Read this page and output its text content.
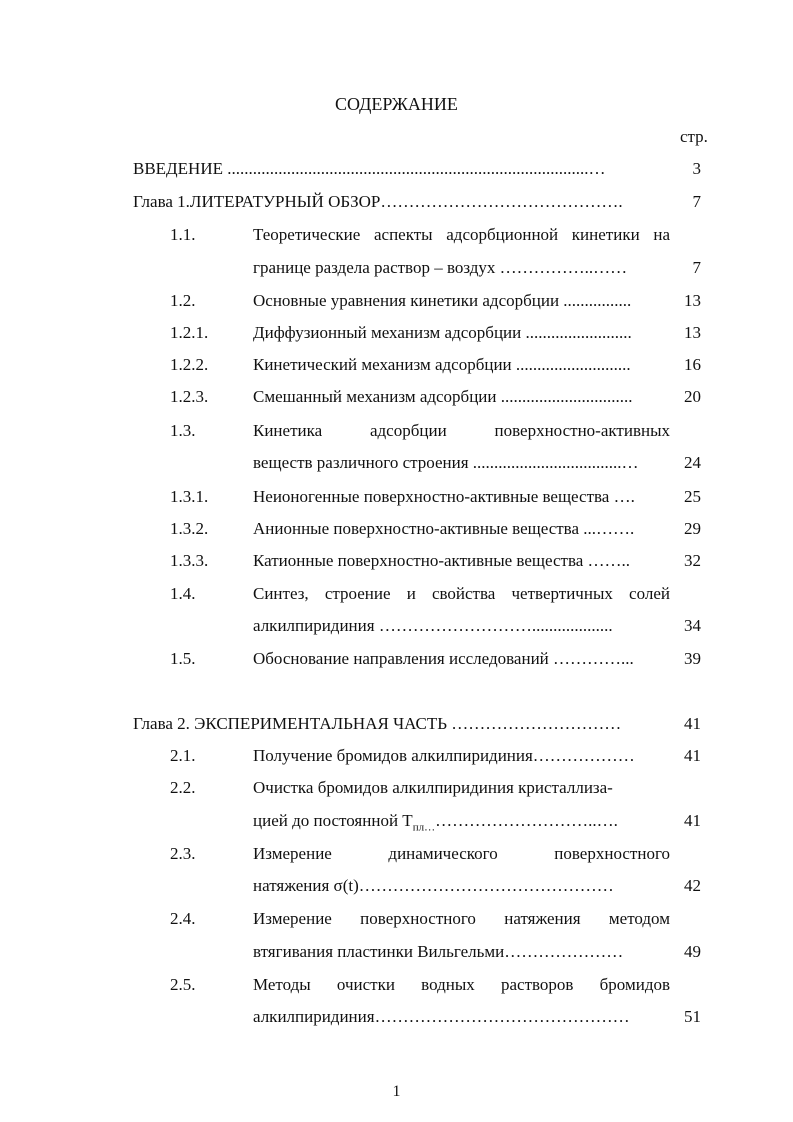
СОДЕРЖАНИЕ
стр.
ВВЕДЕНИЕ .....................................................................................…	3
Глава 1.ЛИТЕРАТУРНЫЙ ОБЗОР…………………………………….	7
1.1.	Теоретические аспекты адсорбционной кинетики на
границе раздела раствор – воздух ……………..……	7
1.2.	Основные уравнения кинетики адсорбции ................	13
1.2.1.	Диффузионный механизм адсорбции .........................	13
1.2.2.	Кинетический механизм адсорбции ...........................	16
1.2.3.	Смешанный механизм адсорбции ...............................	20
1.3.	Кинетика адсорбции поверхностно-активных
веществ различного строения ...................................…	24
1.3.1.	Неионогенные поверхностно-активные вещества ….	25
1.3.2.	Анионные поверхностно-активные вещества ...…….	29
1.3.3.	Катионные поверхностно-активные вещества ……..	32
1.4.	Синтез, строение и свойства четвертичных солей
алкилпиридиния ………………………...................	34
1.5.	Обоснование направления исследований …………...	39
Глава 2. ЭКСПЕРИМЕНТАЛЬНАЯ ЧАСТЬ …………………………	41
2.1.	Получение бромидов алкилпиридиния………………	41
2.2.	Очистка бромидов алкилпиридиния кристаллиза-
цией до постоянной $Т_{пл\dots}\dots\dots\dots\dots\dots\dots\dots\dots\dots..\dots$.	41
2.3.	Измерение динамического поверхностного
натяжения σ(t)………………………………………	42
2.4.	Измерение поверхностного натяжения методом
втягивания пластинки Вильгельми…………………	49
2.5.	Методы очистки водных растворов бромидов
алкилпиридиния………………………………………	51
1
